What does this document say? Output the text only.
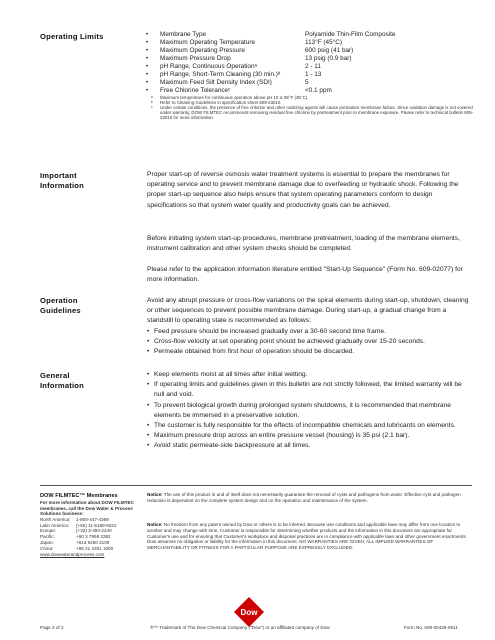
Operating Limits	• Membrane Type	Polyamide Thin-Film Composite
• Maximum Operating Temperature	113°F (45°C)
• Maximum Operating Pressure	600 psig (41 bar)
• Maximum Pressure Drop	13 psig (0.9 bar)
• pH Range, Continuous Operationᵃ	2 - 11
• pH Range, Short-Term Cleaning (30 min.)ᵇ	1 - 13
• Maximum Feed Silt Density Index (SDI)	5
• Free Chlorine Toleranceᶜ	<0.1 ppm
ᵃ Maximum temperature for continuous operation above pH 10 is 95°F (35°C).
ᵇ Refer to Cleaning Guidelines in specification sheet 609-23010.
ᶜ Under certain conditions, the presence of free chlorine and other oxidizing agents will cause premature membrane failure. Since oxidation damage is not covered under warranty, DOW FILMTEC recommends removing residual free chlorine by pretreatment prior to membrane exposure. Please refer to technical bulletin 609-22010 for more information.
Important
Information
Proper start-up of reverse osmosis water treatment systems is essential to prepare the membranes for operating service and to prevent membrane damage due to overfeeding or hydraulic shock. Following the proper start-up sequence also helps ensure that system operating parameters conform to design specifications so that system water quality and productivity goals can be achieved.
Before initiating system start-up procedures, membrane pretreatment, loading of the membrane elements, instrument calibration and other system checks should be completed.
Please refer to the application information literature entitled "Start-Up Sequence" (Form No. 609-02077) for more information.
Operation
Guidelines
Avoid any abrupt pressure or cross-flow variations on the spiral elements during start-up, shutdown, cleaning or other sequences to prevent possible membrane damage. During start-up, a gradual change from a standstill to operating state is recommended as follows:
• Feed pressure should be increased gradually over a 30-60 second time frame.
• Cross-flow velocity at set operating point should be achieved gradually over 15-20 seconds.
• Permeate obtained from first hour of operation should be discarded.
General
Information
• Keep elements moist at all times after initial wetting.
• If operating limits and guidelines given in this bulletin are not strictly followed, the limited warranty will be null and void.
• To prevent biological growth during prolonged system shutdowns, it is recommended that membrane elements be immersed in a preservative solution.
• The customer is fully responsible for the effects of incompatible chemicals and lubricants on elements.
• Maximum pressure drop across an entire pressure vessel (housing) is 35 psi (2.1 bar).
• Avoid static permeate-side backpressure at all times.
DOW FILMTEC™ Membranes
For more information about DOW FILMTEC membranes, call the Dow Water & Process Solutions business:
North America: 1-800-447-4369
Latin America: (+55) 11-5188-9222
Europe:	(+32) 3-450-2240
Pacific:	+60 3 7958 3392
Japan:	+813 5460 2100
China:	+86 21 2301 1000
www.dowwaterandprocess.com
Notice: The use of this product in and of itself does not necessarily guarantee the removal of cysts and pathogens from water. Effective cyst and pathogen reduction is dependent on the complete system design and on the operation and maintenance of the system.
Notice: No freedom from any patent owned by Dow or others is to be inferred. Because use conditions and applicable laws may differ from one location to another and may change with time, Customer is responsible for determining whether products and the information in this document are appropriate for Customer's use and for ensuring that Customer's workplace and disposal practices are in compliance with applicable laws and other government enactments. Dow assumes no obligation or liability for the information in this document. NO WARRANTIES ARE GIVEN; ALL IMPLIED WARRANTIES OF MERCHANTABILITY OR FITNESS FOR A PARTICULAR PURPOSE ARE EXPRESSLY EXCLUDED.
Dow
Page 2 of 2	®™ Trademark of The Dow Chemical Company ("Dow") or an affiliated company of Dow	Form No. 609-00436-0811
